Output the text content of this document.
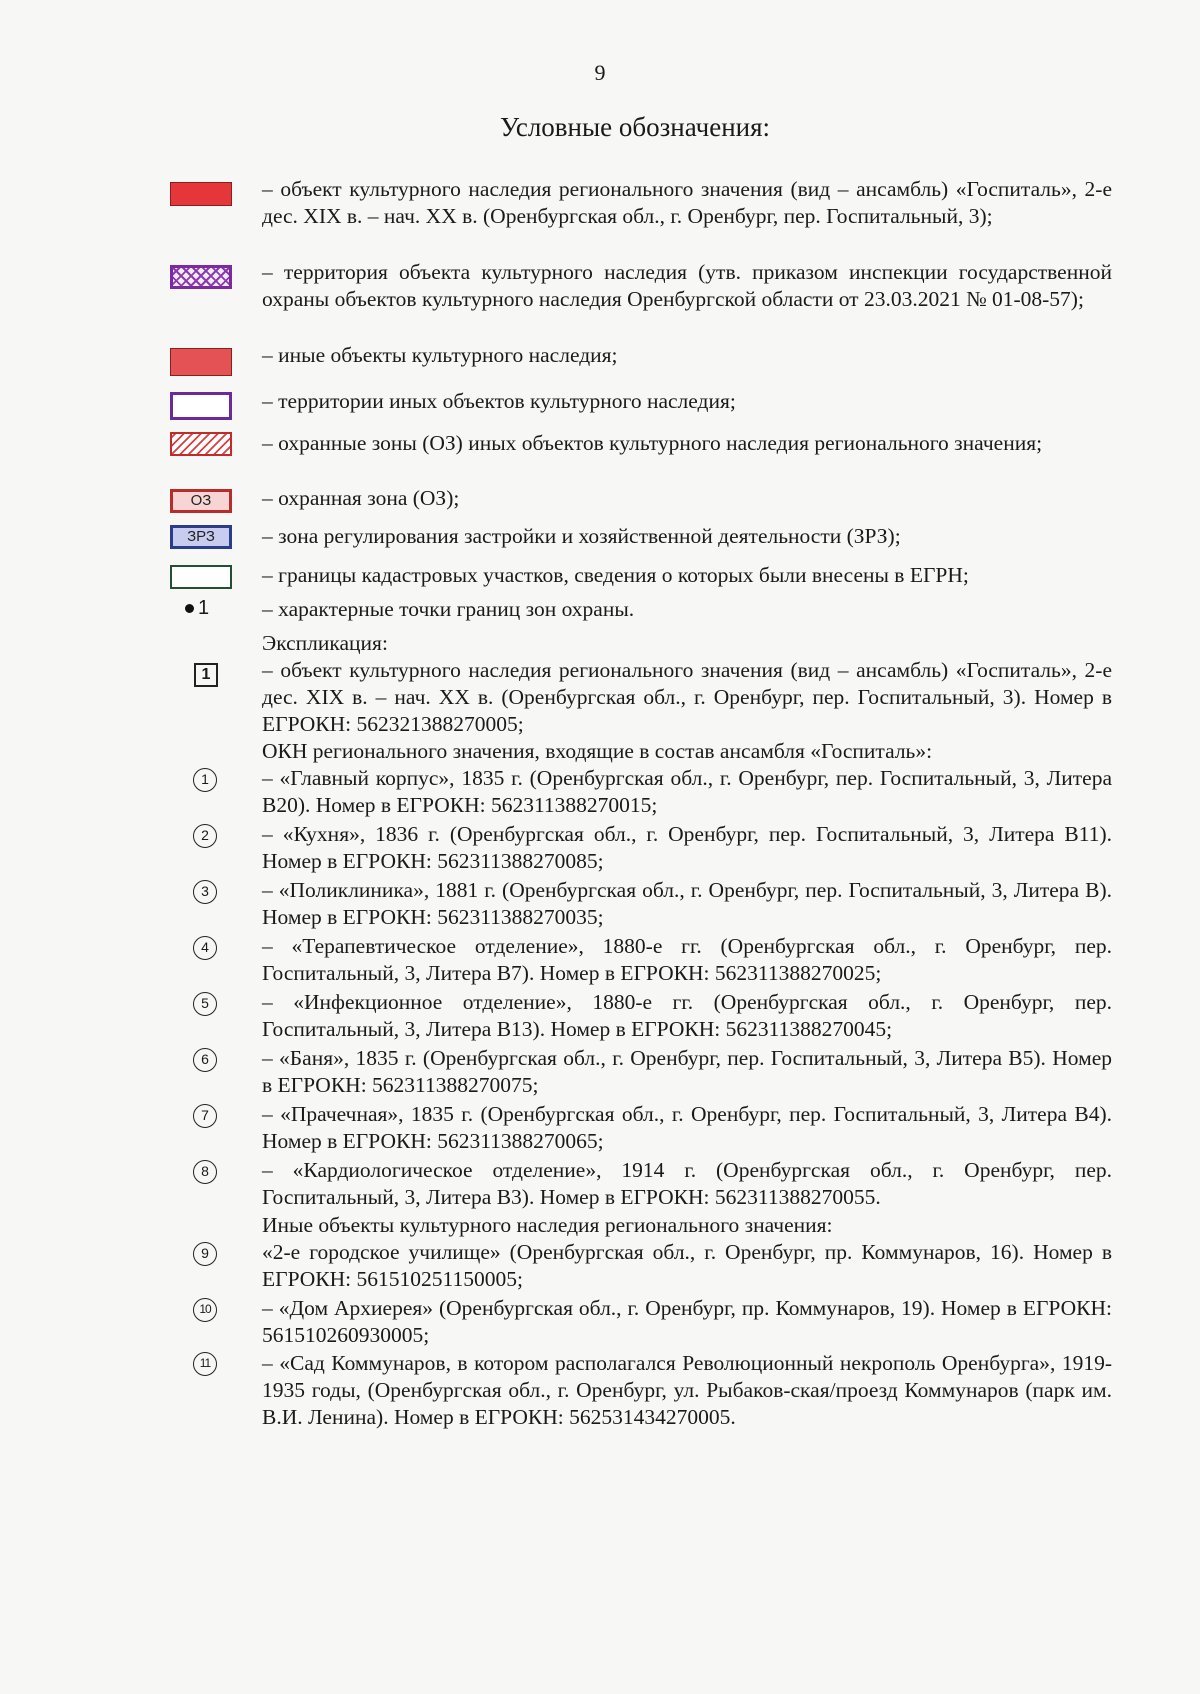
9
Условные обозначения:
– объект культурного наследия регионального значения (вид – ансамбль) «Госпиталь», 2-е дес. XIX в. – нач. XX в. (Оренбургская обл., г. Оренбург, пер. Госпитальный, 3);
– территория объекта культурного наследия (утв. приказом инспекции государственной охраны объектов культурного наследия Оренбургской области от 23.03.2021 № 01-08-57);
– иные объекты культурного наследия;
– территории иных объектов культурного наследия;
– охранные зоны (ОЗ) иных объектов культурного наследия регионального значения;
ОЗ	– охранная зона (ОЗ);
ЗРЗ	– зона регулирования застройки и хозяйственной деятельности (ЗРЗ);
– границы кадастровых участков, сведения о которых были внесены в ЕГРН;
1 – характерные точки границ зон охраны.
Экспликация:
1	– объект культурного наследия регионального значения (вид – ансамбль) «Госпиталь», 2-е дес. XIX в. – нач. XX в. (Оренбургская обл., г. Оренбург, пер. Госпитальный, 3). Номер в ЕГРОКН: 562321388270005;
ОКН регионального значения, входящие в состав ансамбля «Госпиталь»:
1	– «Главный корпус», 1835 г. (Оренбургская обл., г. Оренбург, пер. Госпитальный, 3, Литера В20). Номер в ЕГРОКН: 562311388270015;
2	– «Кухня», 1836 г. (Оренбургская обл., г. Оренбург, пер. Госпитальный, 3, Литера В11). Номер в ЕГРОКН: 562311388270085;
3	– «Поликлиника», 1881 г. (Оренбургская обл., г. Оренбург, пер. Госпитальный, 3, Литера В). Номер в ЕГРОКН: 562311388270035;
4	– «Терапевтическое отделение», 1880-е гг. (Оренбургская обл., г. Оренбург, пер. Госпитальный, 3, Литера В7). Номер в ЕГРОКН: 562311388270025;
5	– «Инфекционное отделение», 1880-е гг. (Оренбургская обл., г. Оренбург, пер. Госпитальный, 3, Литера В13). Номер в ЕГРОКН: 562311388270045;
6	– «Баня», 1835 г. (Оренбургская обл., г. Оренбург, пер. Госпитальный, 3, Литера В5). Номер в ЕГРОКН: 562311388270075;
7	– «Прачечная», 1835 г. (Оренбургская обл., г. Оренбург, пер. Госпитальный, 3, Литера В4). Номер в ЕГРОКН: 562311388270065;
8	– «Кардиологическое отделение», 1914 г. (Оренбургская обл., г. Оренбург, пер. Госпитальный, 3, Литера В3). Номер в ЕГРОКН: 562311388270055.
Иные объекты культурного наследия регионального значения:
9	«2-е городское училище» (Оренбургская обл., г. Оренбург, пр. Коммунаров, 16). Номер в ЕГРОКН: 561510251150005;
10 – «Дом Архиерея» (Оренбургская обл., г. Оренбург, пр. Коммунаров, 19). Номер в ЕГРОКН: 561510260930005;
11	– «Сад Коммунаров, в котором располагался Революционный некрополь Оренбурга», 1919-1935 годы, (Оренбургская обл., г. Оренбург, ул. Рыбаков-ская/проезд Коммунаров (парк им. В.И. Ленина). Номер в ЕГРОКН: 562531434270005.
